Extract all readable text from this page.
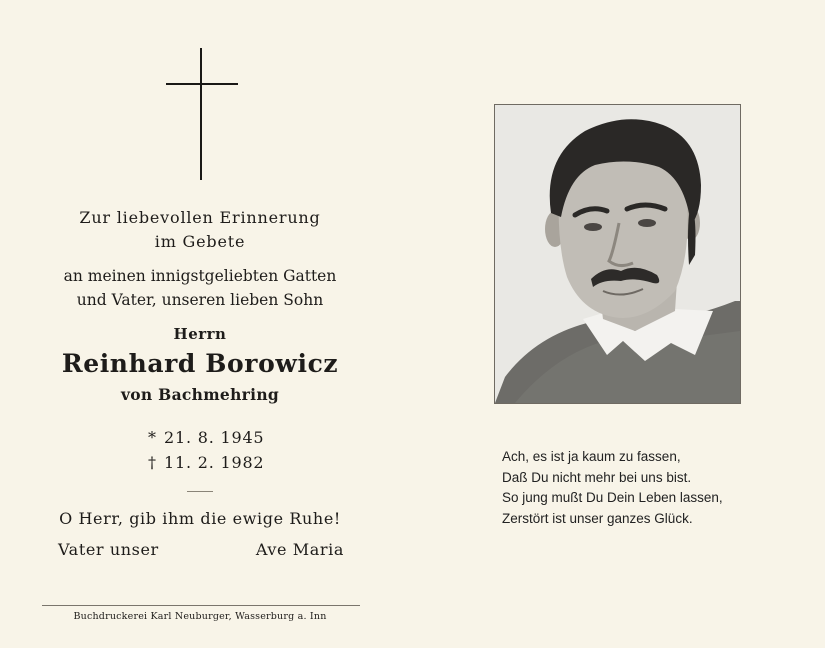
Zur liebevollen Erinnerung
im Gebete
an meinen innigstgeliebten Gatten
und Vater, unseren lieben Sohn
Herrn
Reinhard Borowicz
von Bachmehring
* 21. 8. 1945
† 11. 2. 1982
O Herr, gib ihm die ewige Ruhe!
Vater unser	Ave Maria
Buchdruckerei Karl Neuburger, Wasserburg a. Inn
Ach, es ist ja kaum zu fassen,
Daß Du nicht mehr bei uns bist.
So jung mußt Du Dein Leben lassen,
Zerstört ist unser ganzes Glück.
